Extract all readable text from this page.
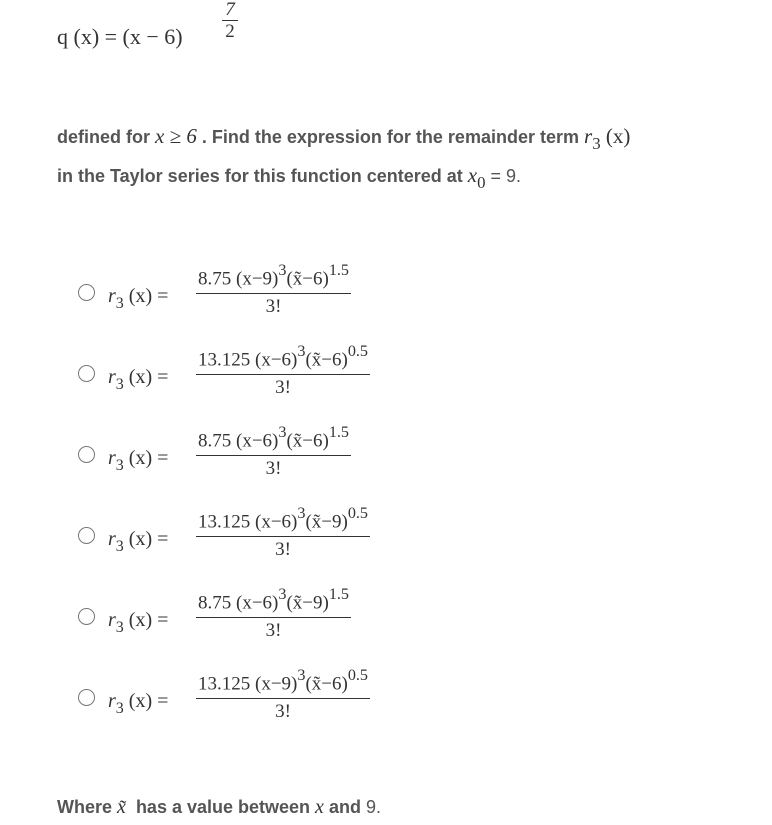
q (x) = (x − 6)
7
2
defined for x ≥ 6 . Find the expression for the remainder term $r_3$ (x)
in the Taylor series for this function centered at $x_0 = 9$.
$r_3$ $(x) = \frac{8.75 (x-9)^3(x̃-6)^{1.5}}{3!}$
$r_3$ $(x) = \frac{13.125 (x-6)^3(x̃-6)^{0.5}}{3!}$
$r_3$ $(x) = \frac{8.75 (x-6)^3(x̃-6)^{1.5}}{3!}$
$r_3$ $(x) = \frac{13.125 (x-6)^3(x̃-9)^{0.5}}{3!}$
$r_3$ $(x) = \frac{8.75 (x-6)^3(x̃-9)^{1.5}}{3!}$
$r_3$ $(x) = \frac{13.125 (x-9)^3(x̃-6)^{0.5}}{3!}$
Where x̃ has a value between x and 9.
